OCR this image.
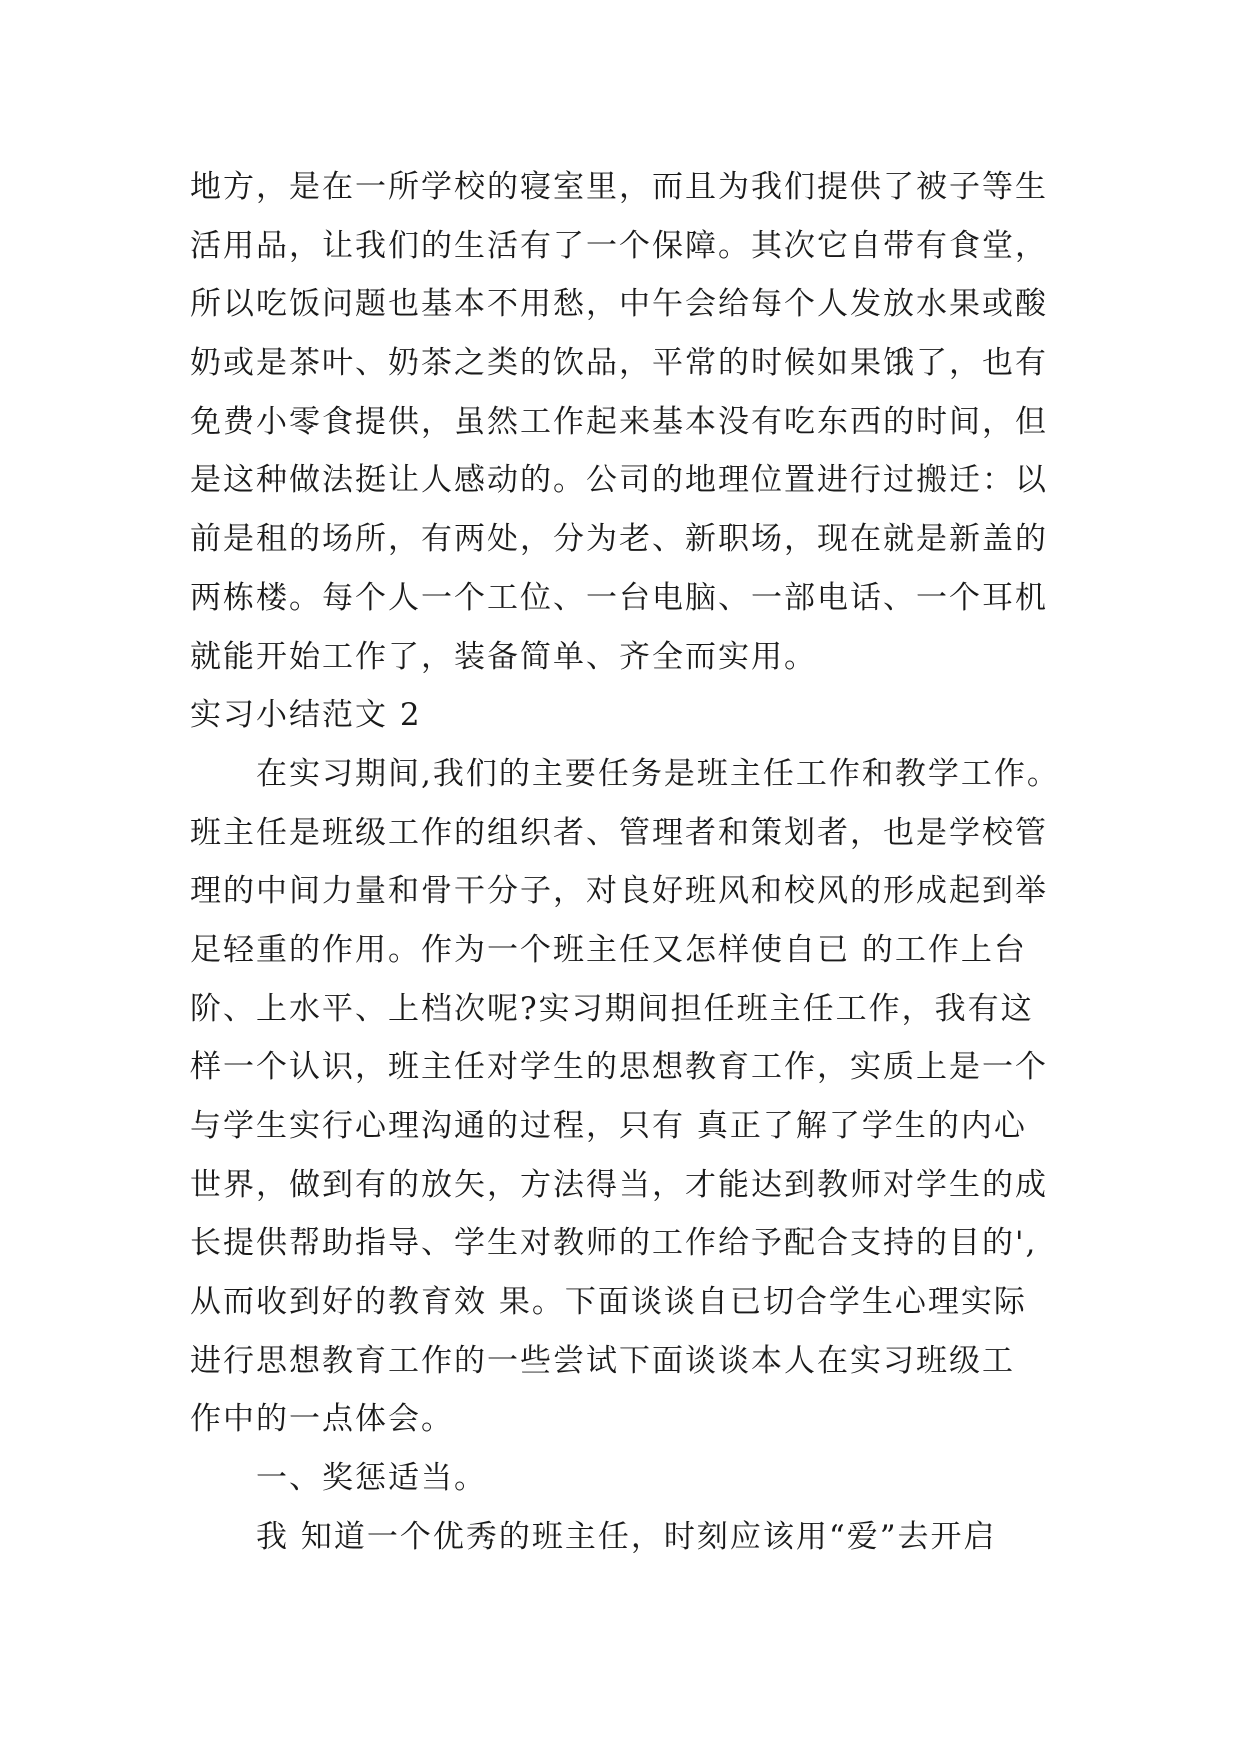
地方，是在一所学校的寝室里，而且为我们提供了被子等生
活用品，让我们的生活有了一个保障。其次它自带有食堂，
所以吃饭问题也基本不用愁，中午会给每个人发放水果或酸
奶或是茶叶、奶茶之类的饮品，平常的时候如果饿了，也有
免费小零食提供，虽然工作起来基本没有吃东西的时间，但
是这种做法挺让人感动的。公司的地理位置进行过搬迁：以
前是租的场所，有两处，分为老、新职场，现在就是新盖的
两栋楼。每个人一个工位、一台电脑、一部电话、一个耳机
就能开始工作了，装备简单、齐全而实用。
实习小结范文 2
在实习期间,我们的主要任务是班主任工作和教学工作。
班主任是班级工作的组织者、管理者和策划者，也是学校管
理的中间力量和骨干分子，对良好班风和校风的形成起到举
足轻重的作用。作为一个班主任又怎样使自已 的工作上台
阶、上水平、上档次呢?实习期间担任班主任工作，我有这
样一个认识，班主任对学生的思想教育工作，实质上是一个
与学生实行心理沟通的过程，只有 真正了解了学生的内心
世界，做到有的放矢，方法得当，才能达到教师对学生的成
长提供帮助指导、学生对教师的工作给予配合支持的目的',
从而收到好的教育效 果。下面谈谈自已切合学生心理实际
进行思想教育工作的一些尝试下面谈谈本人在实习班级工
作中的一点体会。
一、奖惩适当。
我 知道一个优秀的班主任，时刻应该用“爱”去开启
